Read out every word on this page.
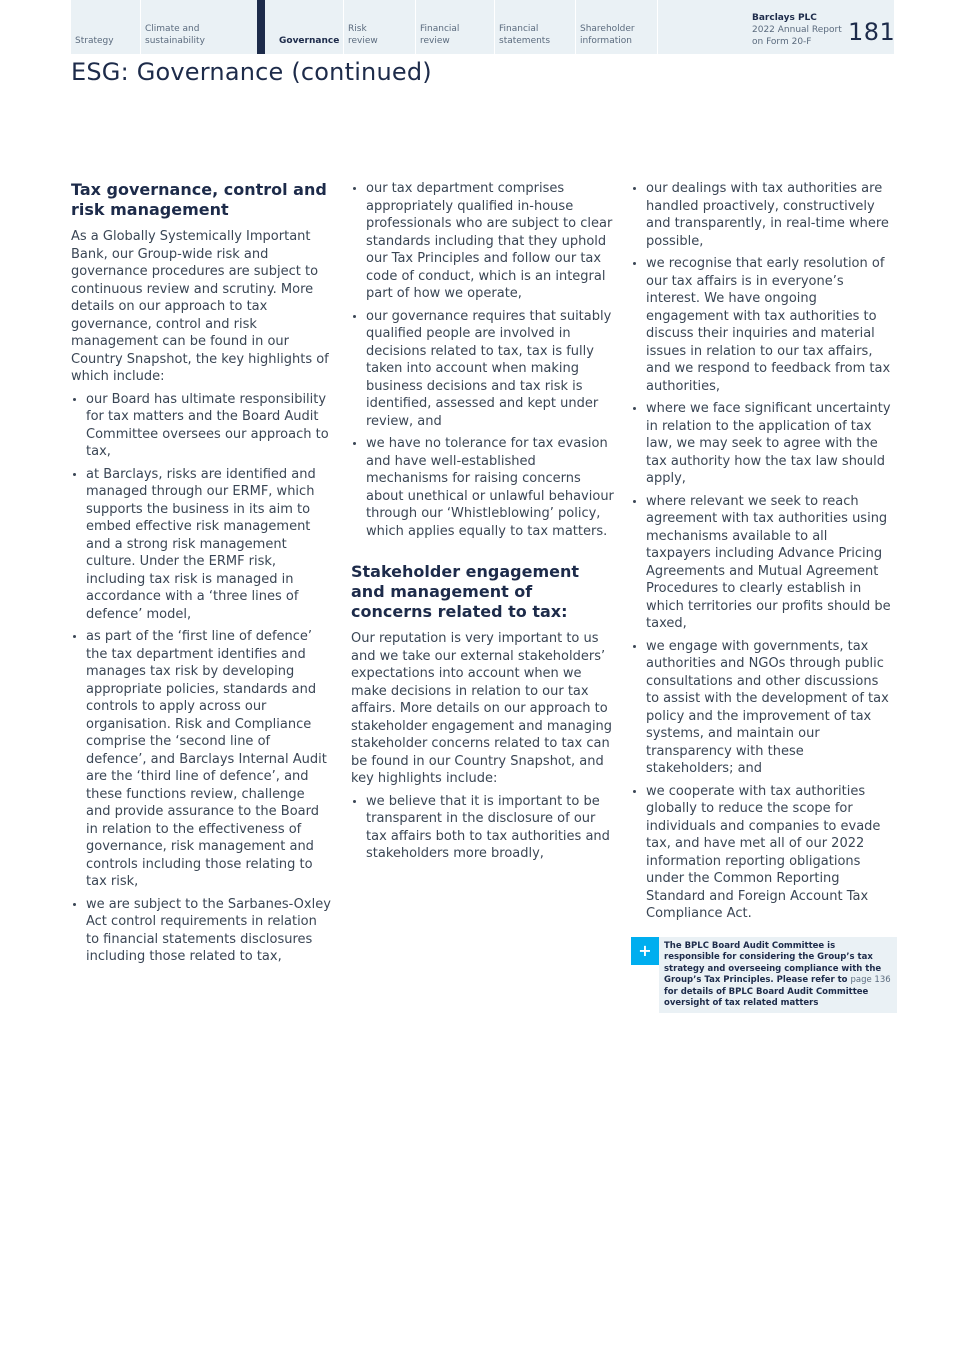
Strategy
Climate and
sustainability	Governance
Risk
review
Financial
review
Financial
statements
Shareholder
information
Barclays PLC
2022 Annual Report
on Form 20-F	181
ESG: Governance (continued)
Tax governance, control and risk management

As a Globally Systemically Important Bank, our Group-wide risk and governance procedures are subject to continuous review and scrutiny. More details on our approach to tax governance, control and risk management can be found in our Country Snapshot, the key highlights of which include:

our Board has ultimate responsibility for tax matters and the Board Audit Committee oversees our approach to tax,
at Barclays, risks are identified and managed through our ERMF, which supports the business in its aim to embed effective risk management and a strong risk management culture. Under the ERMF risk, including tax risk is managed in accordance with a ‘three lines of defence’ model,
as part of the ‘first line of defence’ the tax department identifies and manages tax risk by developing appropriate policies, standards and controls to apply across our organisation. Risk and Compliance comprise the ‘second line of defence’, and Barclays Internal Audit are the ‘third line of defence’, and these functions review, challenge and provide assurance to the Board in relation to the effectiveness of governance, risk management and controls including those relating to tax risk,
we are subject to the Sarbanes-Oxley Act control requirements in relation to financial statements disclosures including those related to tax,
our tax department comprises appropriately qualified in-house professionals who are subject to clear standards including that they uphold our Tax Principles and follow our tax code of conduct, which is an integral part of how we operate,
our governance requires that suitably qualified people are involved in decisions related to tax, tax is fully taken into account when making business decisions and tax risk is identified, assessed and kept under review, and
we have no tolerance for tax evasion and have well-established mechanisms for raising concerns about unethical or unlawful behaviour through our ‘Whistleblowing’ policy, which applies equally to tax matters.
Stakeholder engagement and management of concerns related to tax:

Our reputation is very important to us and we take our external stakeholders’ expectations into account when we make decisions in relation to our tax affairs. More details on our approach to stakeholder engagement and managing stakeholder concerns related to tax can be found in our Country Snapshot, and key highlights include:

we believe that it is important to be transparent in the disclosure of our tax affairs both to tax authorities and stakeholders more broadly,
our dealings with tax authorities are handled proactively, constructively and transparently, in real-time where possible,
we recognise that early resolution of our tax affairs is in everyone’s interest. We have ongoing engagement with tax authorities to discuss their inquiries and material issues in relation to our tax affairs, and we respond to feedback from tax authorities,
where we face significant uncertainty in relation to the application of tax law, we may seek to agree with the tax authority how the tax law should apply,
where relevant we seek to reach agreement with tax authorities using mechanisms available to all taxpayers including Advance Pricing Agreements and Mutual Agreement Procedures to clearly establish in which territories our profits should be taxed,
we engage with governments, tax authorities and NGOs through public consultations and other discussions to assist with the development of tax policy and the improvement of tax systems, and maintain our transparency with these stakeholders; and
we cooperate with tax authorities globally to reduce the scope for individuals and companies to evade tax, and have met all of our 2022 information reporting obligations under the Common Reporting Standard and Foreign Account Tax Compliance Act.
+	The BPLC Board Audit Committee is responsible for considering the Group’s tax strategy and overseeing compliance with the Group’s Tax Principles. Please refer to page 136 for details of BPLC Board Audit Committee oversight of tax related matters
